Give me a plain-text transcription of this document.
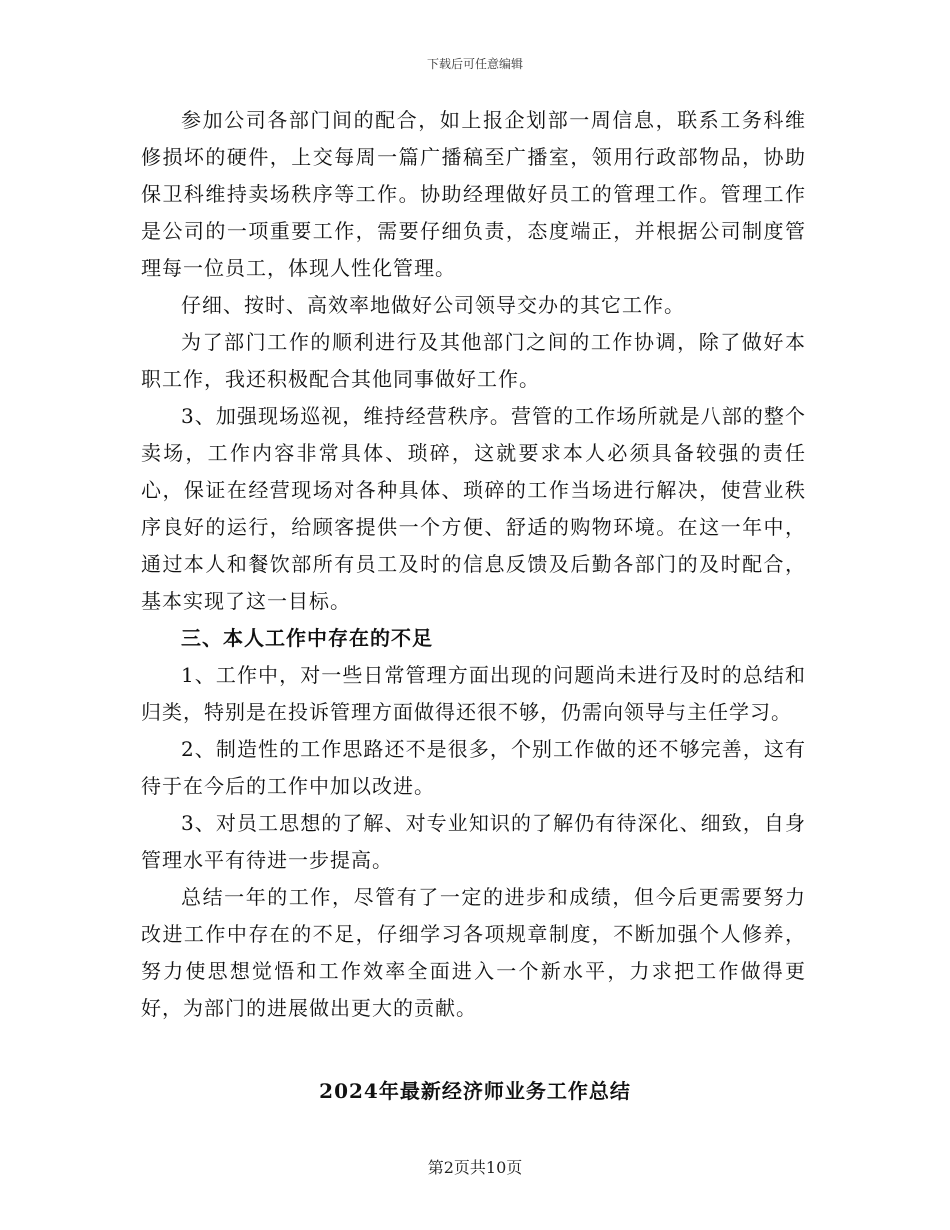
下载后可任意编辑

参加公司各部门间的配合，如上报企划部一周信息，联系工务科维修损坏的硬件，上交每周一篇广播稿至广播室，领用行政部物品，协助保卫科维持卖场秩序等工作。协助经理做好员工的管理工作。管理工作是公司的一项重要工作，需要仔细负责，态度端正，并根据公司制度管理每一位员工，体现人性化管理。

仔细、按时、高效率地做好公司领导交办的其它工作。

为了部门工作的顺利进行及其他部门之间的工作协调，除了做好本职工作，我还积极配合其他同事做好工作。

3、加强现场巡视，维持经营秩序。营管的工作场所就是八部的整个卖场，工作内容非常具体、琐碎，这就要求本人必须具备较强的责任心，保证在经营现场对各种具体、琐碎的工作当场进行解决，使营业秩序良好的运行，给顾客提供一个方便、舒适的购物环境。在这一年中，通过本人和餐饮部所有员工及时的信息反馈及后勤各部门的及时配合，基本实现了这一目标。

三、本人工作中存在的不足

1、工作中，对一些日常管理方面出现的问题尚未进行及时的总结和归类，特别是在投诉管理方面做得还很不够，仍需向领导与主任学习。

2、制造性的工作思路还不是很多，个别工作做的还不够完善，这有待于在今后的工作中加以改进。

3、对员工思想的了解、对专业知识的了解仍有待深化、细致，自身管理水平有待进一步提高。

总结一年的工作，尽管有了一定的进步和成绩，但今后更需要努力改进工作中存在的不足，仔细学习各项规章制度，不断加强个人修养，努力使思想觉悟和工作效率全面进入一个新水平，力求把工作做得更好，为部门的进展做出更大的贡献。

2024年最新经济师业务工作总结
第2页共10页
